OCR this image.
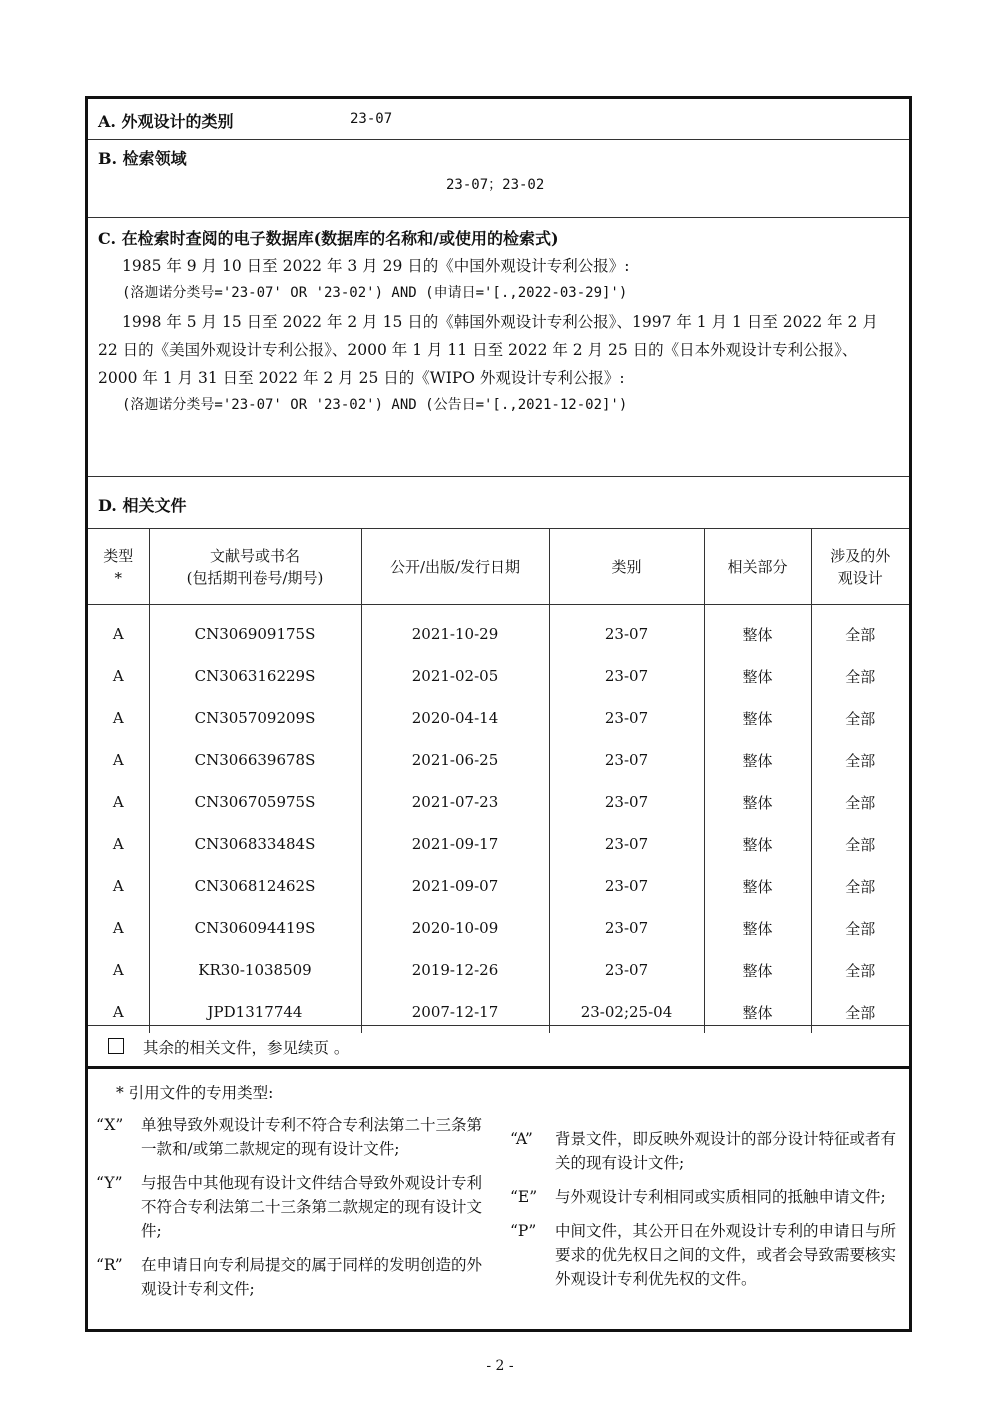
A. 外观设计的类别	23-07
B. 检索领域
23-07；23-02
C. 在检索时查阅的电子数据库(数据库的名称和/或使用的检索式)
1985 年 9 月 10 日至 2022 年 3 月 29 日的《中国外观设计专利公报》:
(洛迦诺分类号='23-07' OR '23-02') AND (申请日='[.,2022-03-29]')
1998 年 5 月 15 日至 2022 年 2 月 15 日的《韩国外观设计专利公报》、1997 年 1 月 1 日至 2022 年 2 月
22 日的《美国外观设计专利公报》、2000 年 1 月 11 日至 2022 年 2 月 25 日的《日本外观设计专利公报》、
2000 年 1 月 31 日至 2022 年 2 月 25 日的《WIPO 外观设计专利公报》:
(洛迦诺分类号='23-07' OR '23-02') AND (公告日='[.,2021-12-02]')
D. 相关文件
类型
*	文献号或书名
(包括期刊卷号/期号)	公开/出版/发行日期	类别	相关部分	涉及的外
观设计
A	CN306909175S	2021-10-29	23-07	整体	全部
A	CN306316229S	2021-02-05	23-07	整体	全部
A	CN305709209S	2020-04-14	23-07	整体	全部
A	CN306639678S	2021-06-25	23-07	整体	全部
A	CN306705975S	2021-07-23	23-07	整体	全部
A	CN306833484S	2021-09-17	23-07	整体	全部
A	CN306812462S	2021-09-07	23-07	整体	全部
A	CN306094419S	2020-10-09	23-07	整体	全部
A	KR30-1038509	2019-12-26	23-07	整体	全部
A	JPD1317744	2007-12-17	23-02;25-04	整体	全部
其余的相关文件，参见续页 。
* 引用文件的专用类型:
“X”	单独导致外观设计专利不符合专利法第二十三条第一款和/或第二款规定的现有设计文件;
“Y”	与报告中其他现有设计文件结合导致外观设计专利不符合专利法第二十三条第二款规定的现有设计文件;
“R”	在申请日向专利局提交的属于同样的发明创造的外观设计专利文件;
“A”	背景文件，即反映外观设计的部分设计特征或者有关的现有设计文件;
“E”	与外观设计专利相同或实质相同的抵触申请文件;
“P”	中间文件，其公开日在外观设计专利的申请日与所要求的优先权日之间的文件，或者会导致需要核实外观设计专利优先权的文件。
- 2 -
